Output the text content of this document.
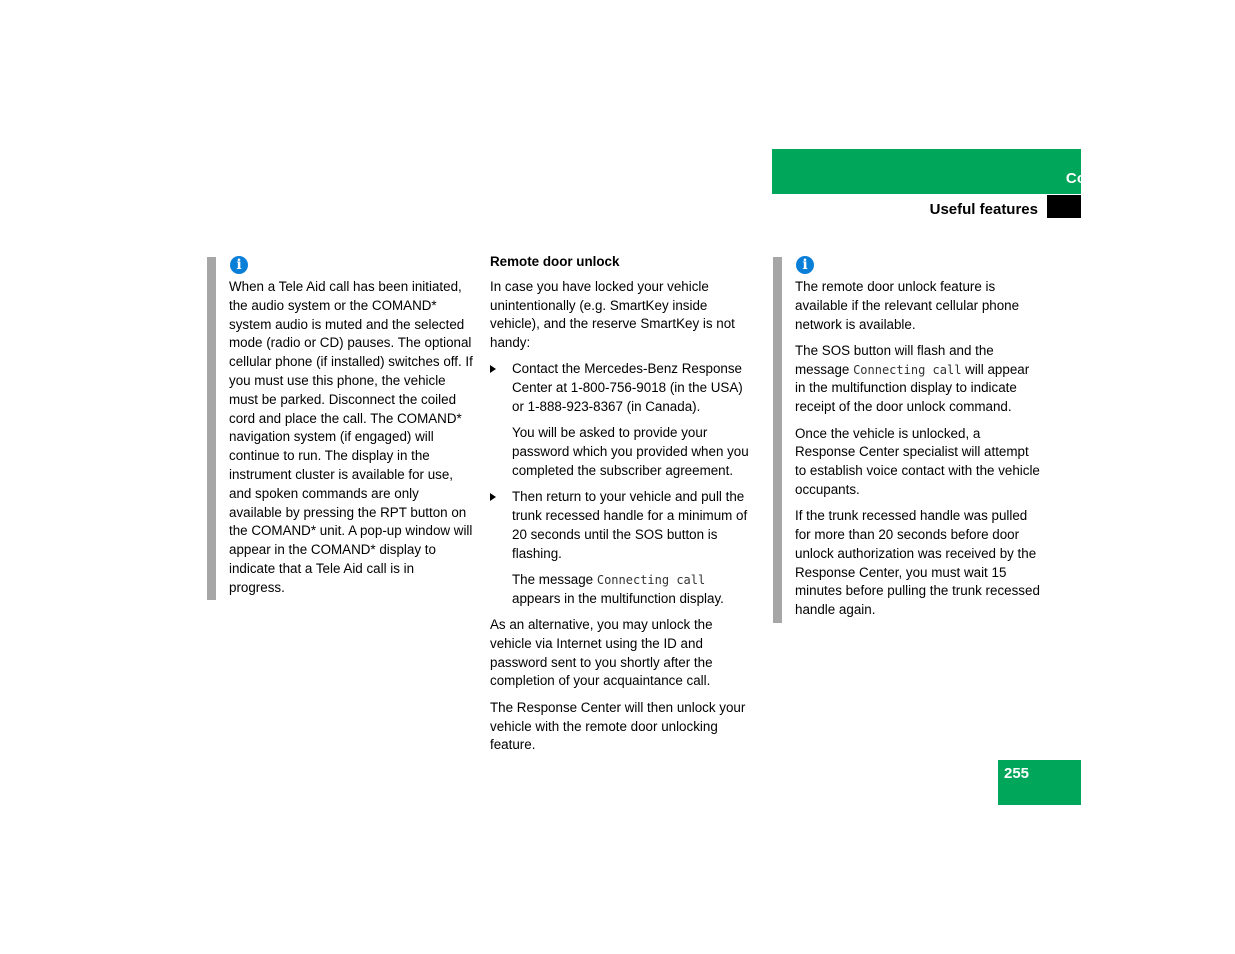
Controls in detail
Useful features
i

When a Tele Aid call has been initiated, the audio system or the COMAND* system audio is muted and the selected mode (radio or CD) pauses. The optional cellular phone (if installed) switches off. If you must use this phone, the vehicle must be parked. Disconnect the coiled cord and place the call. The COMAND* navigation system (if engaged) will continue to run. The display in the instrument cluster is available for use, and spoken commands are only available by pressing the RPT button on the COMAND* unit. A pop-up window will appear in the COMAND* display to indicate that a Tele Aid call is in progress.

Remote door unlock

In case you have locked your vehicle unintentionally (e.g. SmartKey inside vehicle), and the reserve SmartKey is not handy:

Contact the Mercedes-Benz Response Center at 1-800-756-9018 (in the USA) or 1-888-923-8367 (in Canada).

You will be asked to provide your password which you provided when you completed the subscriber agreement.

Then return to your vehicle and pull the trunk recessed handle for a minimum of 20 seconds until the SOS button is flashing.

The message Connecting call appears in the multifunction display.

As an alternative, you may unlock the vehicle via Internet using the ID and password sent to you shortly after the completion of your acquaintance call.

The Response Center will then unlock your vehicle with the remote door unlocking feature.

i

The remote door unlock feature is available if the relevant cellular phone network is available.

The SOS button will flash and the message Connecting call will appear in the multifunction display to indicate receipt of the door unlock command.

Once the vehicle is unlocked, a Response Center specialist will attempt to establish voice contact with the vehicle occupants.

If the trunk recessed handle was pulled for more than 20 seconds before door unlock authorization was received by the Response Center, you must wait 15 minutes before pulling the trunk recessed handle again.

255
